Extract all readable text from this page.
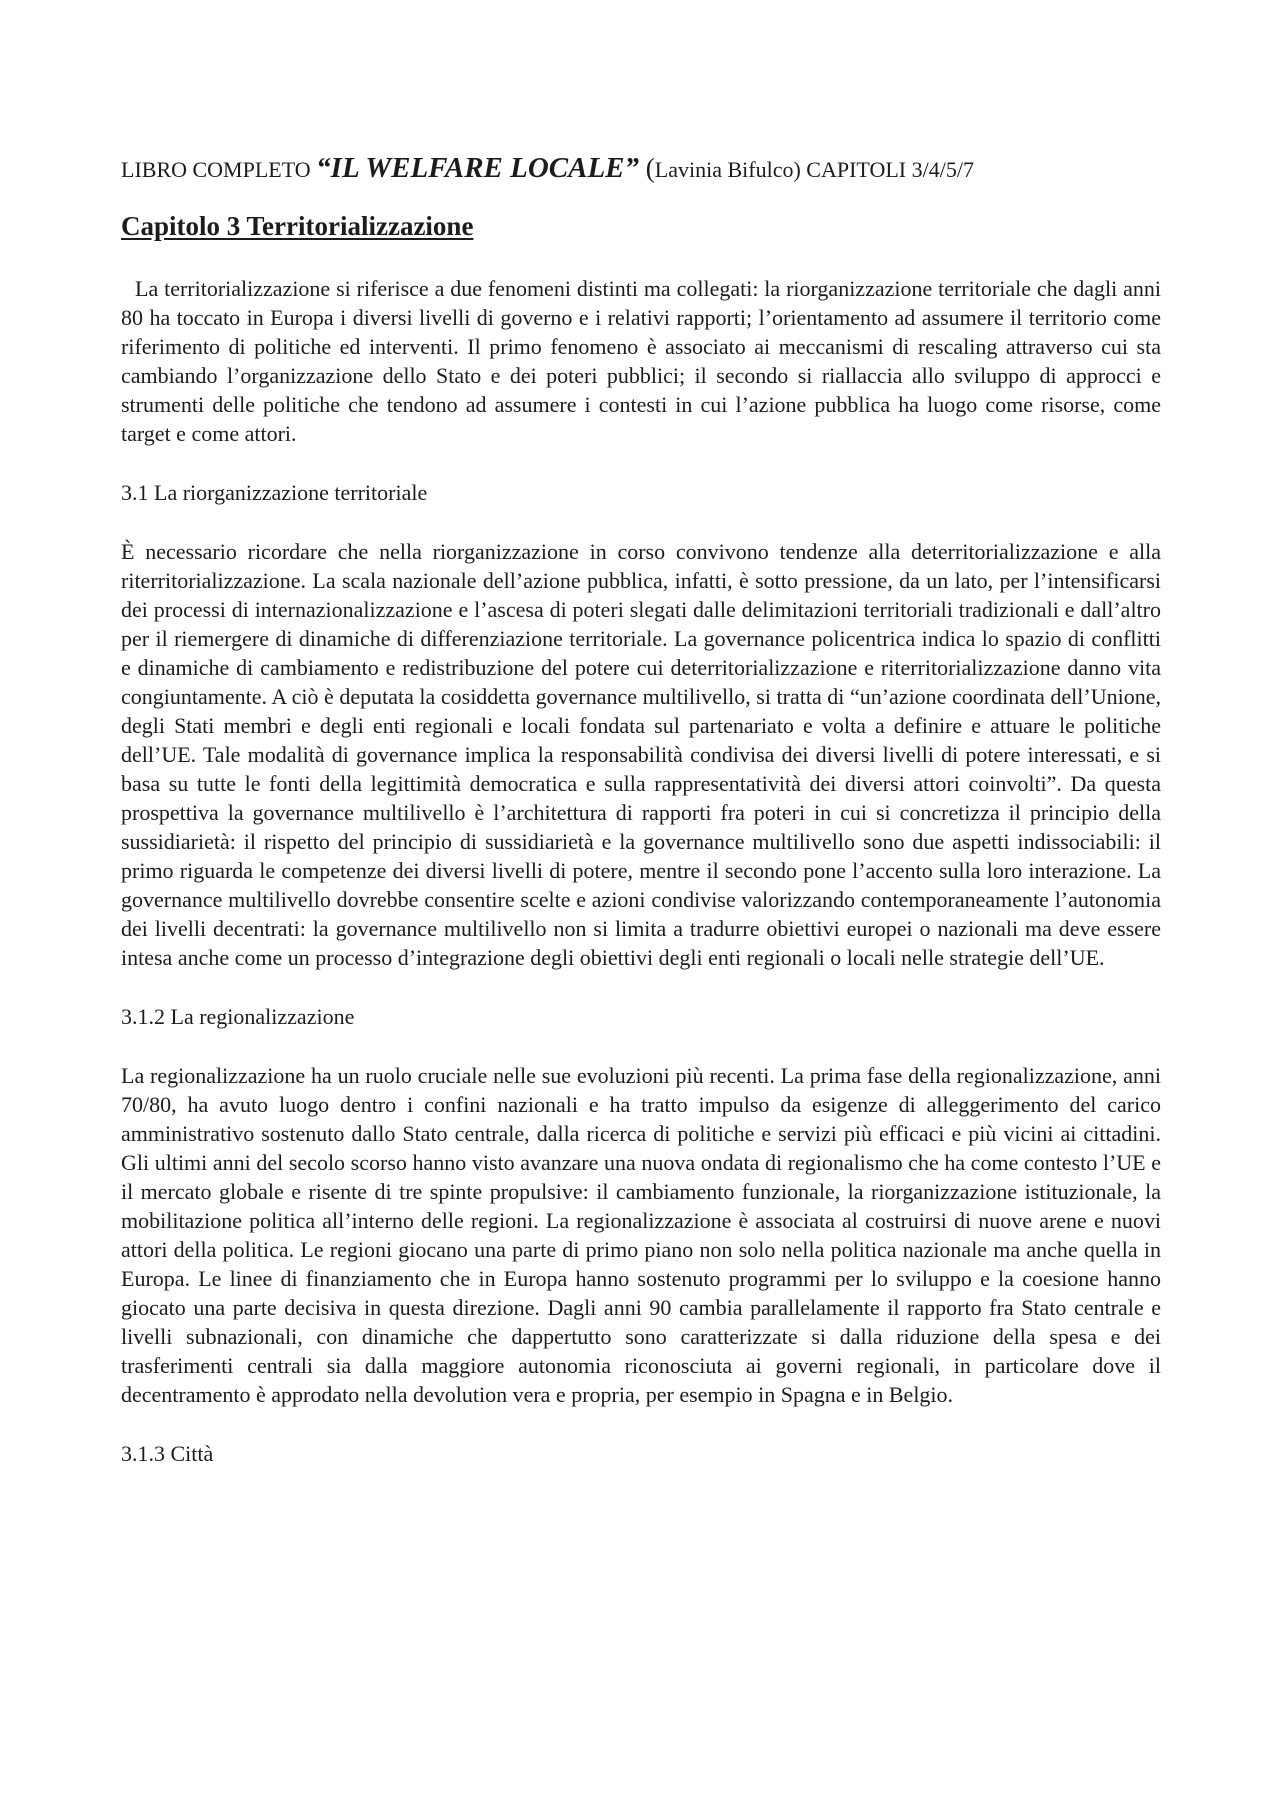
LIBRO COMPLETO “IL WELFARE LOCALE” (Lavinia Bifulco) CAPITOLI 3/4/5/7

Capitolo 3 Territorializzazione

La territorializzazione si riferisce a due fenomeni distinti ma collegati: la riorganizzazione territoriale che dagli anni 80 ha toccato in Europa i diversi livelli di governo e i relativi rapporti; l’orientamento ad assumere il territorio come riferimento di politiche ed interventi. Il primo fenomeno è associato ai meccanismi di rescaling attraverso cui sta cambiando l’organizzazione dello Stato e dei poteri pubblici; il secondo si riallaccia allo sviluppo di approcci e strumenti delle politiche che tendono ad assumere i contesti in cui l’azione pubblica ha luogo come risorse, come target e come attori.

3.1 La riorganizzazione territoriale

È necessario ricordare che nella riorganizzazione in corso convivono tendenze alla deterritorializzazione e alla riterritorializzazione. La scala nazionale dell’azione pubblica, infatti, è sotto pressione, da un lato, per l’intensificarsi dei processi di internazionalizzazione e l’ascesa di poteri slegati dalle delimitazioni territoriali tradizionali e dall’altro per il riemergere di dinamiche di differenziazione territoriale. La governance policentrica indica lo spazio di conflitti e dinamiche di cambiamento e redistribuzione del potere cui deterritorializzazione e riterritorializzazione danno vita congiuntamente. A ciò è deputata la cosiddetta governance multilivello, si tratta di “un’azione coordinata dell’Unione, degli Stati membri e degli enti regionali e locali fondata sul partenariato e volta a definire e attuare le politiche dell’UE. Tale modalità di governance implica la responsabilità condivisa dei diversi livelli di potere interessati, e si basa su tutte le fonti della legittimità democratica e sulla rappresentatività dei diversi attori coinvolti”. Da questa prospettiva la governance multilivello è l’architettura di rapporti fra poteri in cui si concretizza il principio della sussidiarietà: il rispetto del principio di sussidiarietà e la governance multilivello sono due aspetti indissociabili: il primo riguarda le competenze dei diversi livelli di potere, mentre il secondo pone l’accento sulla loro interazione. La governance multilivello dovrebbe consentire scelte e azioni condivise valorizzando contemporaneamente l’autonomia dei livelli decentrati: la governance multilivello non si limita a tradurre obiettivi europei o nazionali ma deve essere intesa anche come un processo d’integrazione degli obiettivi degli enti regionali o locali nelle strategie dell’UE.

3.1.2 La regionalizzazione

La regionalizzazione ha un ruolo cruciale nelle sue evoluzioni più recenti. La prima fase della regionalizzazione, anni 70/80, ha avuto luogo dentro i confini nazionali e ha tratto impulso da esigenze di alleggerimento del carico amministrativo sostenuto dallo Stato centrale, dalla ricerca di politiche e servizi più efficaci e più vicini ai cittadini. Gli ultimi anni del secolo scorso hanno visto avanzare una nuova ondata di regionalismo che ha come contesto l’UE e il mercato globale e risente di tre spinte propulsive: il cambiamento funzionale, la riorganizzazione istituzionale, la mobilitazione politica all’interno delle regioni. La regionalizzazione è associata al costruirsi di nuove arene e nuovi attori della politica. Le regioni giocano una parte di primo piano non solo nella politica nazionale ma anche quella in Europa. Le linee di finanziamento che in Europa hanno sostenuto programmi per lo sviluppo e la coesione hanno giocato una parte decisiva in questa direzione. Dagli anni 90 cambia parallelamente il rapporto fra Stato centrale e livelli subnazionali, con dinamiche che dappertutto sono caratterizzate si dalla riduzione della spesa e dei trasferimenti centrali sia dalla maggiore autonomia riconosciuta ai governi regionali, in particolare dove il decentramento è approdato nella devolution vera e propria, per esempio in Spagna e in Belgio.

3.1.3 Città
